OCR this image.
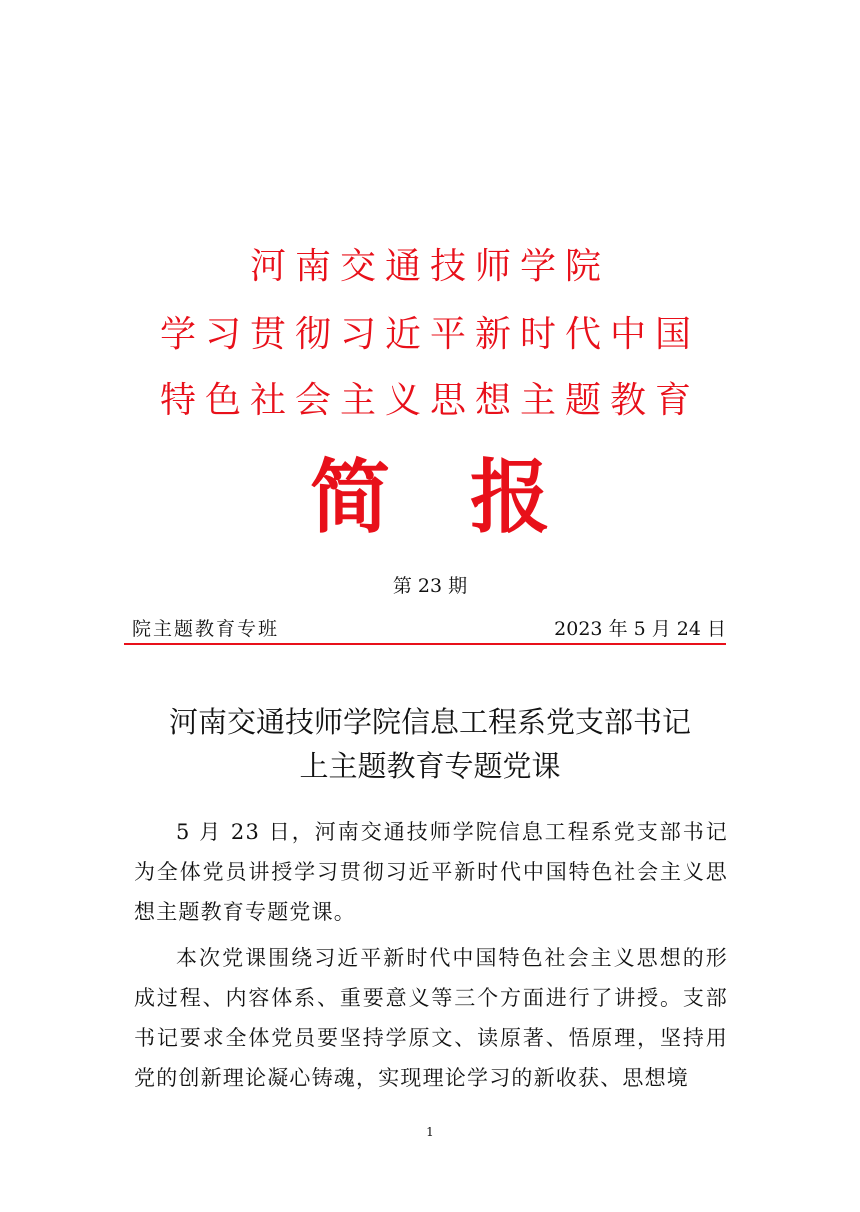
河南交通技师学院
学习贯彻习近平新时代中国
特色社会主义思想主题教育
简报
第 23 期
院主题教育专班	2023 年 5 月 24 日
河南交通技师学院信息工程系党支部书记
上主题教育专题党课

5 月 23 日，河南交通技师学院信息工程系党支部书记为全体党员讲授学习贯彻习近平新时代中国特色社会主义思想主题教育专题党课。

本次党课围绕习近平新时代中国特色社会主义思想的形成过程、内容体系、重要意义等三个方面进行了讲授。支部书记要求全体党员要坚持学原文、读原著、悟原理，坚持用党的创新理论凝心铸魂，实现理论学习的新收获、思想境

1
